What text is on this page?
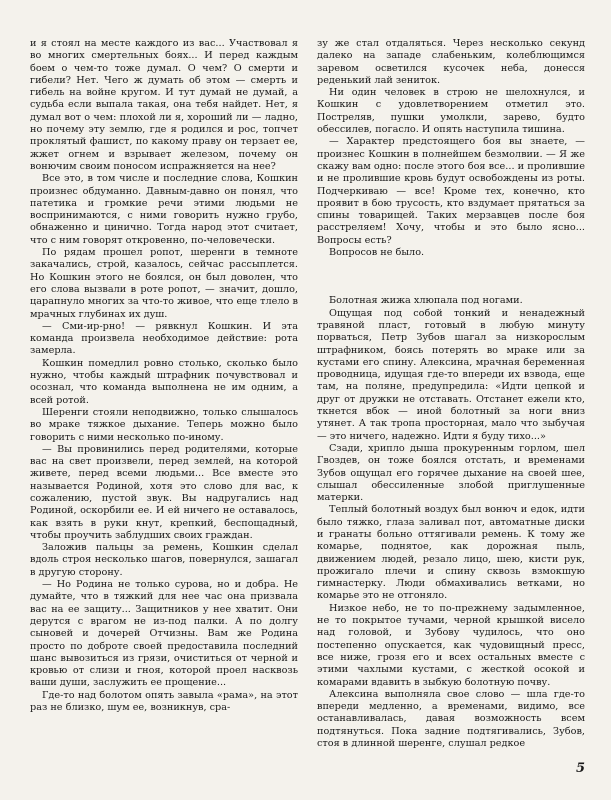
и я стоял на месте каждого из вас... Участвовал я во многих смертельных боях... И перед каждым боем о чем-то тоже думал. О чем? О смерти и гибели? Нет. Чего ж думать об этом — смерть и гибель на войне кругом. И тут думай не думай, а судьба если выпала такая, она тебя найдет. Нет, я думал вот о чем: плохой ли я, хороший ли — ладно, но почему эту землю, где я родился и рос, топчет проклятый фашист, по какому праву он терзает ее, жжет огнем и взрывает железом, почему он вонючим своим поносом испражняется на нее?

Все это, в том числе и последние слова, Кошкин произнес обдуманно. Давным-давно он понял, что патетика и громкие речи этими людьми не воспринимаются, с ними говорить нужно грубо, обнаженно и цинично. Тогда народ этот считает, что с ним говорят откровенно, по-человечески.

По рядам прошел ропот, шеренги в темноте закачались, строй, казалось, сейчас рассыплется. Но Кошкин этого не боялся, он был доволен, что его слова вызвали в роте ропот, — значит, дошло, царапнуло многих за что-то живое, что еще тлело в мрачных глубинах их душ.

— Сми-ир-рно! — рявкнул Кошкин. И эта команда произвела необходимое действие: рота замерла.

Кошкин помедлил ровно столько, сколько было нужно, чтобы каждый штрафник почувствовал и осознал, что команда выполнена не им одним, а всей ротой.

Шеренги стояли неподвижно, только слышалось во мраке тяжкое дыхание. Теперь можно было говорить с ними несколько по-иному.

— Вы провинились перед родителями, которые вас на свет произвели, перед землей, на которой живете, перед всеми людьми... Все вместе это называется Родиной, хотя это слово для вас, к сожалению, пустой звук. Вы надругались над Родиной, оскорбили ее. И ей ничего не оставалось, как взять в руки кнут, крепкий, беспощадный, чтобы проучить заблудших своих граждан.

Заложив пальцы за ремень, Кошкин сделал вдоль строя несколько шагов, повернулся, зашагал в другую сторону.

— Но Родина не только сурова, но и добра. Не думайте, что в тяжкий для нее час она призвала вас на ее защиту... Защитников у нее хватит. Они дерутся с врагом не из-под палки. А по долгу сыновей и дочерей Отчизны. Вам же Родина просто по доброте своей предоставила последний шанс вывозиться из грязи, очиститься от черной и кровью от слизи и гноя, которой проел насквозь ваши души, заслужить ее прощение...

Где-то над болотом опять завыла «рама», на этот раз не близко, шум ее, возникнув, сра-

зу же стал отдаляться. Через несколько секунд далеко на западе слабеньким, колеблющимся заревом осветился кусочек неба, донесся реденький лай зениток.

Ни один человек в строю не шелохнулся, и Кошкин с удовлетворением отметил это. Постреляв, пушки умолкли, зарево, будто обессилев, погасло. И опять наступила тишина.

— Характер предстоящего боя вы знаете, — произнес Кошкин в полнейшем безмолвии. — Я же скажу вам одно: после этого боя все... и пролившие и не пролившие кровь будут освобождены из роты. Подчеркиваю — все! Кроме тех, конечно, кто проявит в бою трусость, кто вздумает прятаться за спины товарищей. Таких мерзавцев после боя расстреляем! Хочу, чтобы и это было ясно... Вопросы есть?

Вопросов не было.

Болотная жижа хлюпала под ногами.

Ощущая под собой тонкий и ненадежный травяной пласт, готовый в любую минуту порваться, Петр Зубов шагал за низкорослым штрафником, боясь потерять во мраке или за кустами его спину. Алексина, мрачная беременная проводница, идущая где-то впереди их взвода, еще там, на поляне, предупредила: «Идти цепкой и друг от дружки не отставать. Отстанет ежели кто, ткнется вбок — иной болотный за ноги вниз утянет. А так тропа просторная, мало что зыбучая — это ничего, надежно. Идти я буду тихо...»

Сзади, хрипло дыша прокуренным горлом, шел Гвоздев, он тоже боялся отстать, и временами Зубов ощущал его горячее дыхание на своей шее, слышал обессиленные злобой приглушенные матерки.

Теплый болотный воздух был вонюч и едок, идти было тяжко, глаза заливал пот, автоматные диски и гранаты больно оттягивали ремень. К тому же комарье, поднятое, как дорожная пыль, движением людей, резало лицо, шею, кисти рук, прожигало плечи и спину сквозь взмокшую гимнастерку. Люди обмахивались ветками, но комарье это не отгоняло.

Низкое небо, не то по-прежнему задымленное, не то покрытое тучами, черной крышкой висело над головой, и Зубову чудилось, что оно постепенно опускается, как чудовищный пресс, все ниже, грозя его и всех остальных вместе с этими чахлыми кустами, с жесткой осокой и комарами вдавить в зыбкую болотную почву.

Алексина выполняла свое слово — шла где-то впереди медленно, а временами, видимо, все останавливалась, давая возможность всем подтянуться. Пока задние подтягивались, Зубов, стоя в длинной шеренге, слушал редкое

5
